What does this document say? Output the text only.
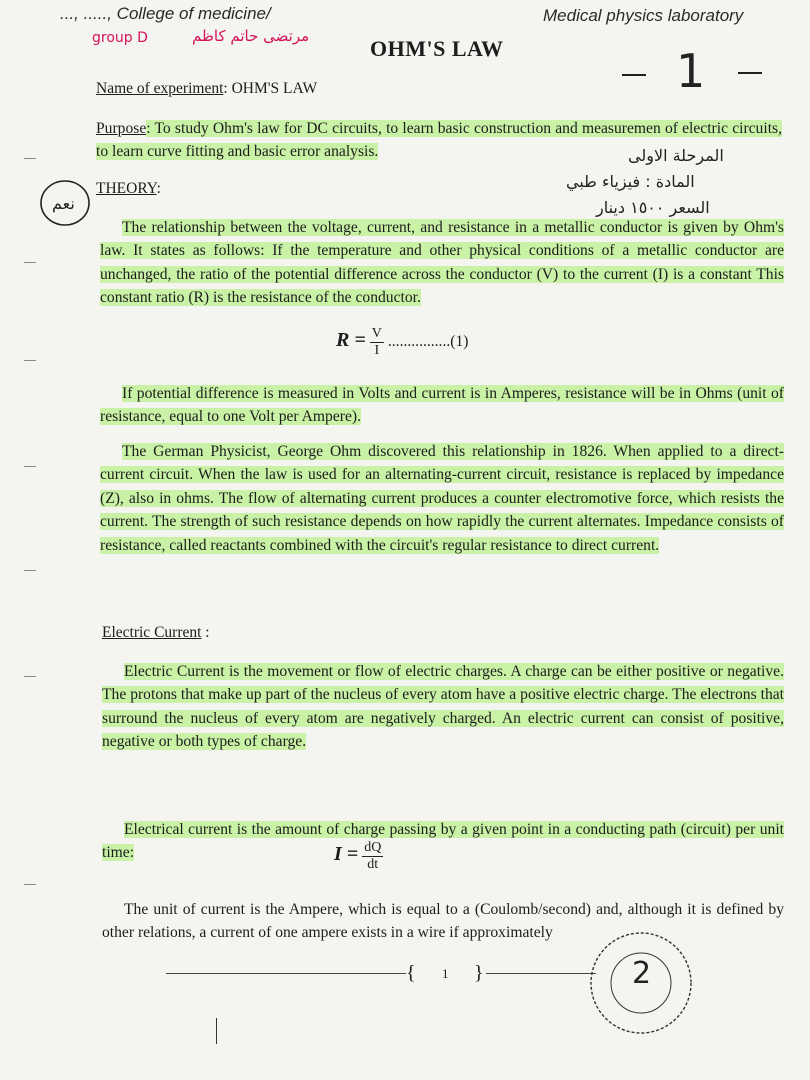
..., ....., College of medicine/	Medical physics laboratory
group D	مرتضى حاتم كاظم
1
OHM'S LAW
Name of experiment: OHM'S LAW

Purpose: To study Ohm's law for DC circuits, to learn basic construction and measuremen of electric circuits, to learn curve fitting and basic error analysis.	المرحلة الاولى
المادة : فيزياء طبي
السعر ١٥٠٠ دينار
نعم
THEORY:

The relationship between the voltage, current, and resistance in a metallic conductor is given by Ohm's law. It states as follows: If the temperature and other physical conditions of a metallic conductor are unchanged, the ratio of the potential difference across the conductor (V) to the current (I) is a constant This constant ratio (R) is the resistance of the conductor.

$R = \frac{V}{I} ................(1)$

If potential difference is measured in Volts and current is in Amperes, resistance will be in Ohms (unit of resistance, equal to one Volt per Ampere).

The German Physicist, George Ohm discovered this relationship in 1826. When applied to a direct-current circuit. When the law is used for an alternating-current circuit, resistance is replaced by impedance (Z), also in ohms. The flow of alternating current produces a counter electromotive force, which resists the current. The strength of such resistance depends on how rapidly the current alternates. Impedance consists of resistance, called reactants combined with the circuit's regular resistance to direct current.

Electric Current :

Electric Current is the movement or flow of electric charges. A charge can be either positive or negative. The protons that make up part of the nucleus of every atom have a positive electric charge. The electrons that surround the nucleus of every atom are negatively charged. An electric current can consist of positive, negative or both types of charge.

Electrical current is the amount of charge passing by a given point in a conducting path (circuit) per unit time:	$I = \frac{dQ}{dt}$

The unit of current is the Ampere, which is equal to a (Coulomb/second) and, although it is defined by other relations, a current of one ampere exists in a wire if approximately

{ 1 }	2
